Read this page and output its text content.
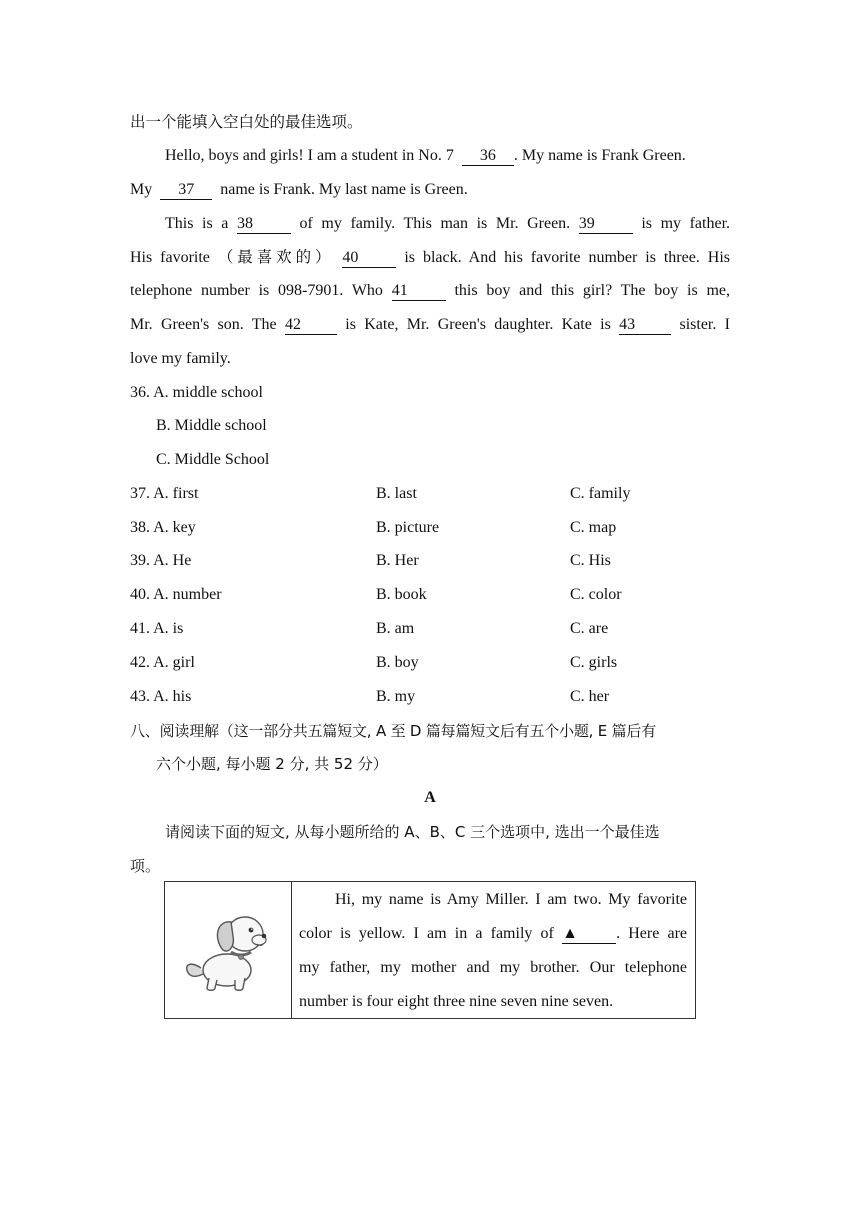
出一个能填入空白处的最佳选项。
Hello, boys and girls! I am a student in No. 7 36 . My name is Frank Green.
My 37 name is Frank. My last name is Green.
This is a 38	of my family. This man is Mr. Green. 39	is my father.
His favorite （最喜欢的） 40	is black. And his favorite number is three. His
telephone number is 098-7901. Who 41	this boy and this girl? The boy is me,
Mr. Green's son. The 42	is Kate, Mr. Green's daughter. Kate is 43	sister. I
love my family.
36. A. middle school
B. Middle school
C. Middle School
37. A. first	B. last	C. family
38. A. key	B. picture	C. map
39. A. He	B. Her	C. His
40. A. number	B. book	C. color
41. A. is	B. am	C. are
42. A. girl	B. boy	C. girls
43. A. his	B. my	C. her
八、阅读理解（这一部分共五篇短文, A 至 D 篇每篇短文后有五个小题, E 篇后有
六个小题, 每小题 2 分, 共 52 分）
A
请阅读下面的短文, 从每小题所给的 A、B、C 三个选项中, 选出一个最佳选
项。
Hi, my name is Amy Miller. I am two. My favorite
color is yellow. I am in a family of ▲ . Here are
my father, my mother and my brother. Our telephone
number is four eight three nine seven nine seven.
